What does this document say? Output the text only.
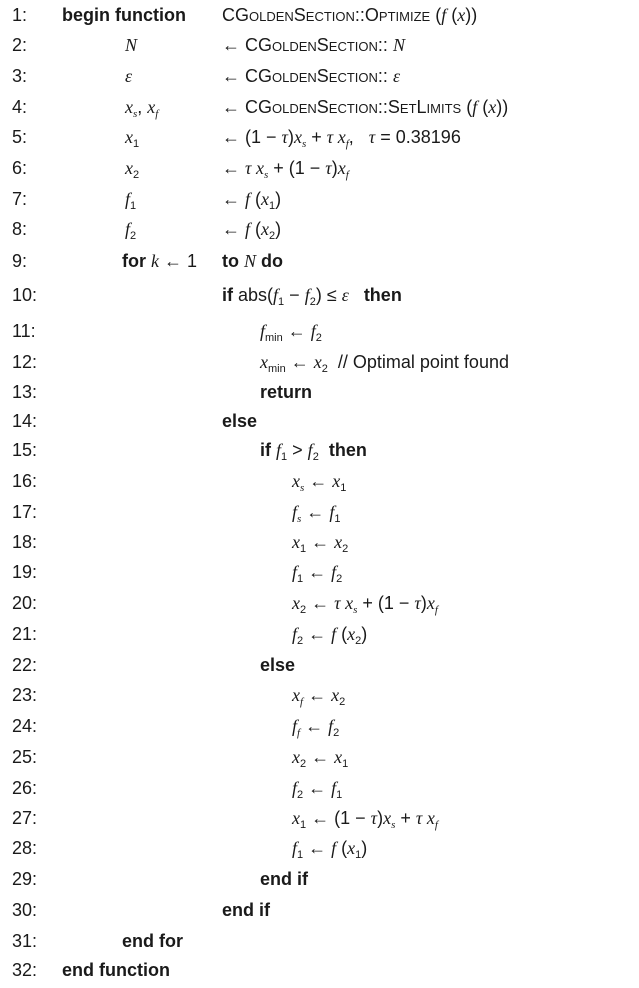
1: begin function CGoldenSection::Optimize (f (x))
2:	N	← CGoldenSection:: N
3:	ε	← CGoldenSection:: ε
4:	$x_s$, $x_f$	← CGoldenSection::SetLimits (f (x))
5:	$x_1$	← $(1 - \tau)x_s + \tau$ $x_f$,   τ = 0.38196
6:	$x_2$	← τ $x_s + (1 - \tau)x_f$
7:	$f_1$	← f $(x_1)$
8:	$f_2$	← f $(x_2)$
9:	for k ← 1 to N do
10:	if $abs(f_1 - f_2) \le \varepsilon$ then
11:	$f_{min}$ ← $f_2$
12:	$x_{min}$ ← $x_2$  // Optimal point found
13:	return
14:	else
15:	if $f_1 > f_2$ then
16:	$x_s$ ← $x_1$
17:	$f_s$ ← $f_1$
18:	$x_1$ ← $x_2$
19:	$f_1$ ← $f_2$
20:	$x_2$ ← τ $x_s + (1 - \tau)x_f$
21:	$f_2$ ← f $(x_2)$
22:	else
23:	$x_f$ ← $x_2$
24:	$f_f$ ← $f_2$
25:	$x_2$ ← $x_1$
26:	$f_2$ ← $f_1$
27:	$x_1$ ← $(1 - \tau)x_s + \tau$ $x_f$
28:	$f_1$ ← f $(x_1)$
29:	end if
30:	end if
31:	end for
32: end function
